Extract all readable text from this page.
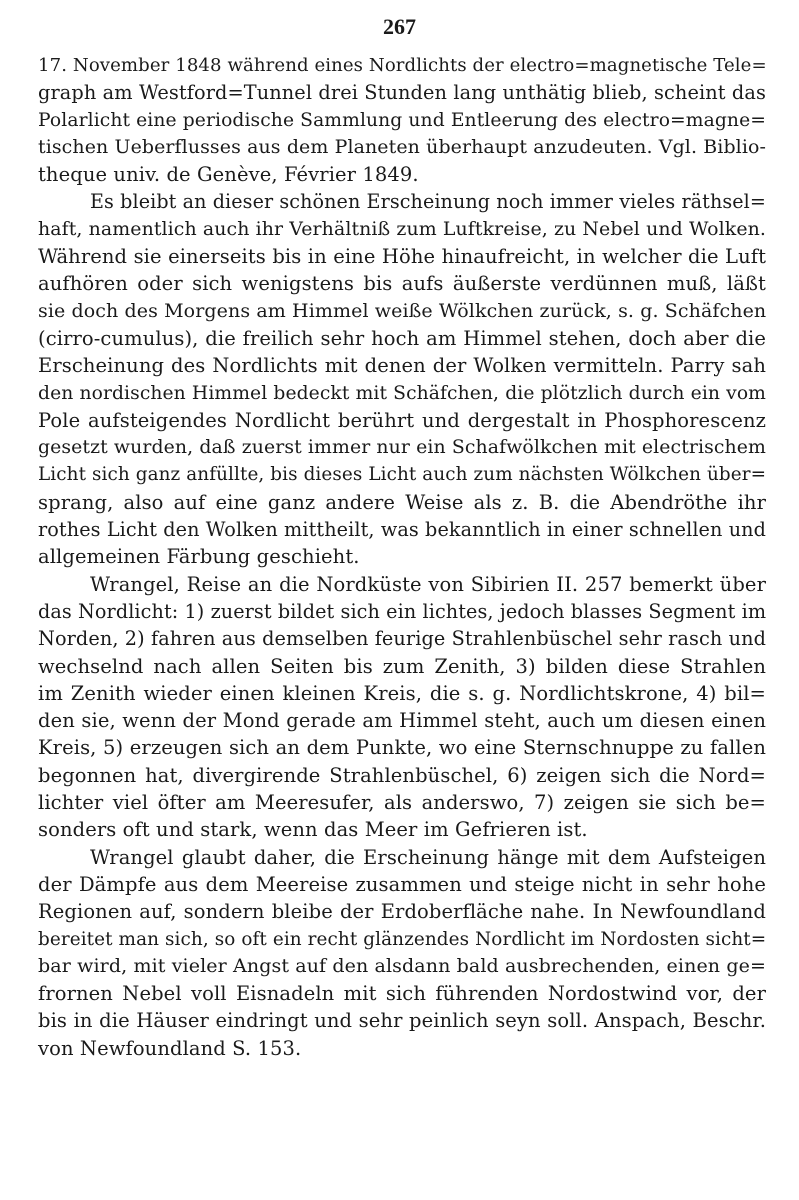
267
17. November 1848 während eines Nordlichts der electro=magnetische Tele=
graph am Westford=Tunnel drei Stunden lang unthätig blieb, scheint das
Polarlicht eine periodische Sammlung und Entleerung des electro=magne=
tischen Ueberflusses aus dem Planeten überhaupt anzudeuten. Vgl. Biblio-
theque univ. de Genève, Février 1849.
Es bleibt an dieser schönen Erscheinung noch immer vieles räthsel=
haft, namentlich auch ihr Verhältniß zum Luftkreise, zu Nebel und Wolken.
Während sie einerseits bis in eine Höhe hinaufreicht, in welcher die Luft
aufhören oder sich wenigstens bis aufs äußerste verdünnen muß, läßt
sie doch des Morgens am Himmel weiße Wölkchen zurück, s. g. Schäfchen
(cirro-cumulus), die freilich sehr hoch am Himmel stehen, doch aber die
Erscheinung des Nordlichts mit denen der Wolken vermitteln. Parry sah
den nordischen Himmel bedeckt mit Schäfchen, die plötzlich durch ein vom
Pole aufsteigendes Nordlicht berührt und dergestalt in Phosphorescenz
gesetzt wurden, daß zuerst immer nur ein Schafwölkchen mit electrischem
Licht sich ganz anfüllte, bis dieses Licht auch zum nächsten Wölkchen über=
sprang, also auf eine ganz andere Weise als z. B. die Abendröthe ihr
rothes Licht den Wolken mittheilt, was bekanntlich in einer schnellen und
allgemeinen Färbung geschieht.
Wrangel, Reise an die Nordküste von Sibirien II. 257 bemerkt über
das Nordlicht: 1) zuerst bildet sich ein lichtes, jedoch blasses Segment im
Norden, 2) fahren aus demselben feurige Strahlenbüschel sehr rasch und
wechselnd nach allen Seiten bis zum Zenith, 3) bilden diese Strahlen
im Zenith wieder einen kleinen Kreis, die s. g. Nordlichtskrone, 4) bil=
den sie, wenn der Mond gerade am Himmel steht, auch um diesen einen
Kreis, 5) erzeugen sich an dem Punkte, wo eine Sternschnuppe zu fallen
begonnen hat, divergirende Strahlenbüschel, 6) zeigen sich die Nord=
lichter viel öfter am Meeresufer, als anderswo, 7) zeigen sie sich be=
sonders oft und stark, wenn das Meer im Gefrieren ist.
Wrangel glaubt daher, die Erscheinung hänge mit dem Aufsteigen
der Dämpfe aus dem Meereise zusammen und steige nicht in sehr hohe
Regionen auf, sondern bleibe der Erdoberfläche nahe. In Newfoundland
bereitet man sich, so oft ein recht glänzendes Nordlicht im Nordosten sicht=
bar wird, mit vieler Angst auf den alsdann bald ausbrechenden, einen ge=
frornen Nebel voll Eisnadeln mit sich führenden Nordostwind vor, der
bis in die Häuser eindringt und sehr peinlich seyn soll. Anspach, Beschr.
von Newfoundland S. 153.
